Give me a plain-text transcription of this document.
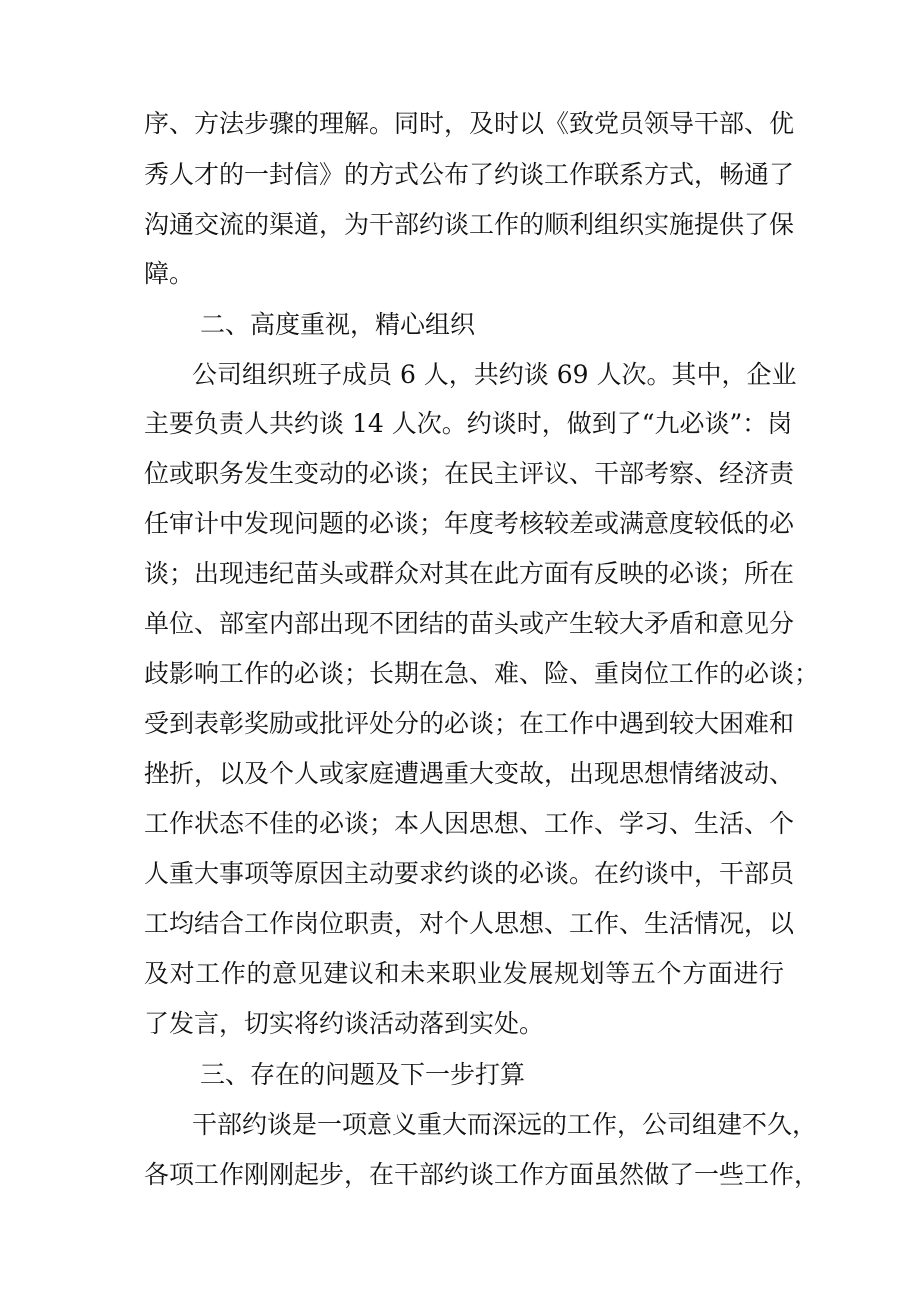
序、方法步骤的理解。同时，及时以《致党员领导干部、优
秀人才的一封信》的方式公布了约谈工作联系方式，畅通了
沟通交流的渠道，为干部约谈工作的顺利组织实施提供了保
障。
二、高度重视，精心组织
公司组织班子成员 6 人，共约谈 69 人次。其中，企业
主要负责人共约谈 14 人次。约谈时，做到了“九必谈”：岗
位或职务发生变动的必谈；在民主评议、干部考察、经济责
任审计中发现问题的必谈；年度考核较差或满意度较低的必
谈；出现违纪苗头或群众对其在此方面有反映的必谈；所在
单位、部室内部出现不团结的苗头或产生较大矛盾和意见分
歧影响工作的必谈；长期在急、难、险、重岗位工作的必谈；
受到表彰奖励或批评处分的必谈；在工作中遇到较大困难和
挫折，以及个人或家庭遭遇重大变故，出现思想情绪波动、
工作状态不佳的必谈；本人因思想、工作、学习、生活、个
人重大事项等原因主动要求约谈的必谈。在约谈中，干部员
工均结合工作岗位职责，对个人思想、工作、生活情况，以
及对工作的意见建议和未来职业发展规划等五个方面进行
了发言，切实将约谈活动落到实处。
三、存在的问题及下一步打算
干部约谈是一项意义重大而深远的工作，公司组建不久，
各项工作刚刚起步，在干部约谈工作方面虽然做了一些工作，
